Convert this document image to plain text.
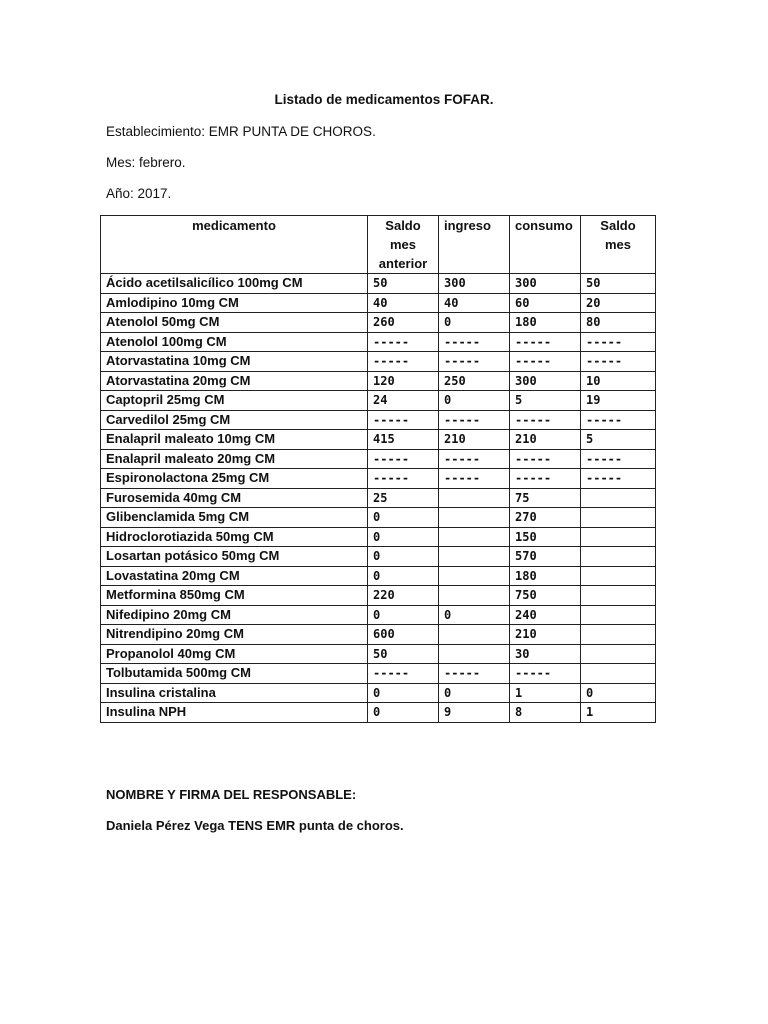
Listado de medicamentos FOFAR.
Establecimiento: EMR PUNTA DE CHOROS.
Mes: febrero.
Año: 2017.
medicamento	Saldo mes anterior	ingreso	consumo	Saldo mes
Ácido acetilsalicílico 100mg CM	50	300	300	50
Amlodipino 10mg CM	40	40	60	20
Atenolol 50mg CM	260	0	180	80
Atenolol 100mg CM	-----	-----	-----	-----
Atorvastatina 10mg CM	-----	-----	-----	-----
Atorvastatina 20mg CM	120	250	300	10
Captopril 25mg CM	24	0	5	19
Carvedilol 25mg CM	-----	-----	-----	-----
Enalapril maleato 10mg CM	415	210	210	5
Enalapril maleato 20mg CM	-----	-----	-----	-----
Espironolactona 25mg CM	-----	-----	-----	-----
Furosemida 40mg CM	25		75	
Glibenclamida 5mg CM	0		270	
Hidroclorotiazida 50mg CM	0		150	
Losartan potásico 50mg CM	0		570	
Lovastatina 20mg CM	0		180	
Metformina 850mg CM	220		750	
Nifedipino 20mg CM	0	0	240	
Nitrendipino 20mg CM	600		210	
Propanolol 40mg CM	50		30	
Tolbutamida 500mg CM	-----	-----	-----	
Insulina cristalina	0	0	1	0
Insulina NPH	0	9	8	1
NOMBRE Y FIRMA DEL RESPONSABLE:
Daniela Pérez Vega TENS EMR punta de choros.
